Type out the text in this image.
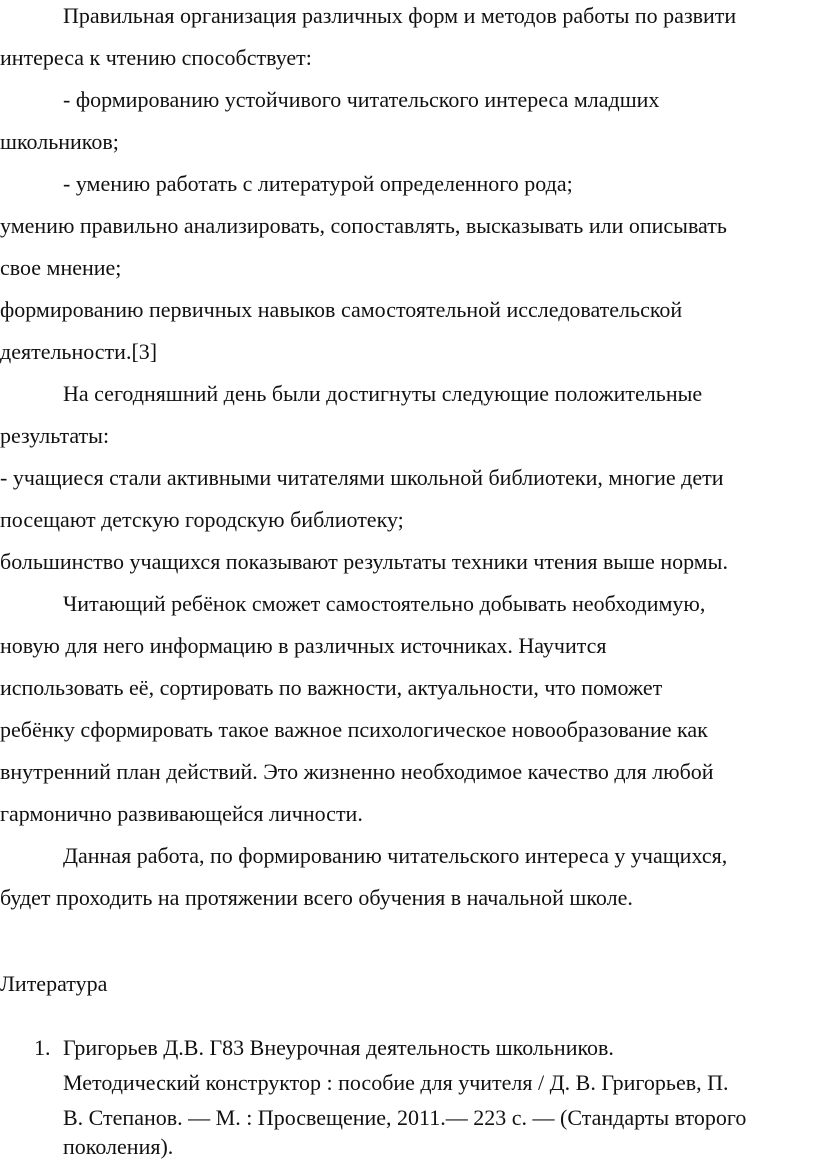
Правильная организация различных форм и методов работы по развити
интереса к чтению способствует:
- формированию устойчивого читательского интереса младших
школьников;
- умению работать с литературой определенного рода;
умению правильно анализировать, сопоставлять, высказывать или описывать
свое мнение;
формированию первичных навыков самостоятельной исследовательской
деятельности.[3]
На сегодняшний день были достигнуты следующие положительные
результаты:
- учащиеся стали активными читателями школьной библиотеки, многие дети
посещают детскую городскую библиотеку;
большинство учащихся показывают результаты техники чтения выше нормы.
Читающий ребёнок сможет самостоятельно добывать необходимую,
новую для него информацию в различных источниках. Научится
использовать её, сортировать по важности, актуальности, что поможет
ребёнку сформировать такое важное психологическое новообразование как
внутренний план действий. Это жизненно необходимое качество для любой
гармонично развивающейся личности.
Данная работа, по формированию читательского интереса у учащихся,
будет проходить на протяжении всего обучения в начальной школе.
Литература
1. Григорьев Д.В. Г83 Внеурочная деятельность школьников.
Методический конструктор : пособие для учителя / Д. В. Григорьев, П.
В. Степанов. — М. : Просвещение, 2011.— 223 с. — (Стандарты второго
поколения).
